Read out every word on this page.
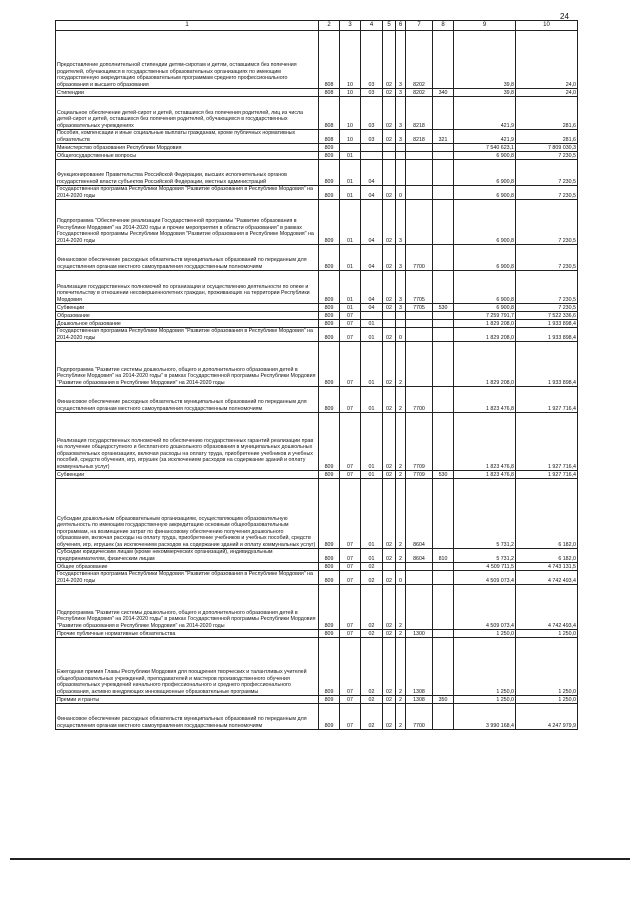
24
1	2	3	4	5	6	7	8	9	10
Предоставление дополнительной стипендии детям-сиротам и детям, оставшимся без попечения родителей, обучающимся в государственных образовательных организациях по имеющим государственную аккредитацию образовательным программам среднего профессионального образования и высшего образования	808	10	03	02	3	8202		39,8	24,0
Стипендии	808	10	03	02	3	8202	340	39,8	24,0
Социальное обеспечение детей-сирот и детей, оставшихся без попечения родителей, лиц из числа детей-сирот и детей, оставшихся без попечения родителей, обучающихся в государственных образовательных учреждениях	808	10	03	02	3	8218		421,9	281,6
Пособия, компенсации и иные социальные выплаты гражданам, кроме публичных нормативных обязательств	808	10	03	02	3	8218	321	421,9	281,6
Министерство образования Республики Мордовия	809							7 540 623,1	7 809 030,3
Общегосударственные вопросы	809	01						6 900,8	7 230,5
Функционирование Правительства Российской Федерации, высших исполнительных органов государственной власти субъектов Российской Федерации, местных администраций	809	01	04					6 900,8	7 230,5
Государственная программа Республики Мордовия "Развитие образования в Республике Мордовия" на 2014-2020 годы	809	01	04	02	0			6 900,8	7 230,5
Подпрограмма "Обеспечение реализации Государственной программы "Развитие образования в Республике Мордовия" на 2014-2020 годы и прочие мероприятия в области образования" в рамках Государственной программы Республики Мордовия "Развитие образования в Республике Мордовия" на 2014-2020 годы	809	01	04	02	3			6 900,8	7 230,5
Финансовое обеспечение расходных обязательств муниципальных образований по переданным для осуществления органам местного самоуправления государственным полномочиям	809	01	04	02	3	7700		6 900,8	7 230,5
Реализация государственных полномочий по организации и осуществлению деятельности по опеке и попечительству в отношении несовершеннолетних граждан, проживающих на территории Республики Мордовия	809	01	04	02	3	7705		6 900,8	7 230,5
Субвенции	809	01	04	02	3	7705	530	6 900,8	7 230,5
Образование	809	07						7 259 791,7	7 522 336,6
Дошкольное образование	809	07	01					1 829 208,0	1 933 898,4
Государственная программа Республики Мордовия "Развитие образования в Республике Мордовия" на 2014-2020 годы	809	07	01	02	0			1 829 208,0	1 933 898,4
Подпрограмма "Развитие системы дошкольного, общего и дополнительного образования детей в Республике Мордовия" на 2014-2020 годы" в рамках Государственной программы Республики Мордовия "Развитие образования в Республике Мордовия" на 2014-2020 годы	809	07	01	02	2			1 829 208,0	1 933 898,4
Финансовое обеспечение расходных обязательств муниципальных образований по переданным для осуществления органам местного самоуправления государственным полномочиям	809	07	01	02	2	7700		1 823 476,8	1 927 716,4
Реализация государственных полномочий по обеспечению государственных гарантий реализации прав на получение общедоступного и бесплатного дошкольного образования в муниципальных дошкольных образовательных организациях, включая расходы на оплату труда, приобретение учебников и учебных пособий, средств обучения, игр, игрушек (за исключением расходов на содержание зданий и оплату коммунальных услуг)	809	07	01	02	2	7709		1 823 476,8	1 927 716,4
Субвенции	809	07	01	02	2	7709	530	1 823 476,8	1 927 716,4
Субсидии дошкольным образовательным организациям, осуществляющим образовательную деятельность по имеющим государственную аккредитацию основным общеобразовательным программам, на возмещение затрат по финансовому обеспечению получения дошкольного образования, включая расходы на оплату труда, приобретение учебников и учебных пособий, средств обучения, игр, игрушек (за исключением расходов на содержание зданий и оплату коммунальных услуг)	809	07	01	02	2	8604		5 731,2	6 182,0
Субсидии юридическим лицам (кроме некоммерческих организаций), индивидуальным предпринимателям, физическим лицам	809	07	01	02	2	8604	810	5 731,2	6 182,0
Общее образование	809	07	02					4 509 711,5	4 743 131,5
Государственная программа Республики Мордовия "Развитие образования в Республике Мордовия" на 2014-2020 годы	809	07	02	02	0			4 509 073,4	4 742 493,4
Подпрограмма "Развитие системы дошкольного, общего и дополнительного образования детей в Республике Мордовия" на 2014-2020 годы" в рамках Государственной программы Республики Мордовия "Развитие образования в Республике Мордовия" на 2014-2020 годы	809	07	02	02	2			4 509 073,4	4 742 493,4
Прочие публичные нормативные обязательства	809	07	02	02	2	1300		1 250,0	1 250,0
Ежегодная премия Главы Республики Мордовия для поощрения творческих и талантливых учителей общеобразовательных учреждений, преподавателей и мастеров производственного обучения образовательных учреждений начального профессионального и среднего профессионального образования, активно внедряющих инновационные образовательные программы	809	07	02	02	2	1308		1 250,0	1 250,0
Премии и гранты	809	07	02	02	2	1308	350	1 250,0	1 250,0
Финансовое обеспечение расходных обязательств муниципальных образований по переданным для осуществления органам местного самоуправления государственным полномочиям	809	07	02	02	2	7700		3 990 168,4	4 247 979,9
